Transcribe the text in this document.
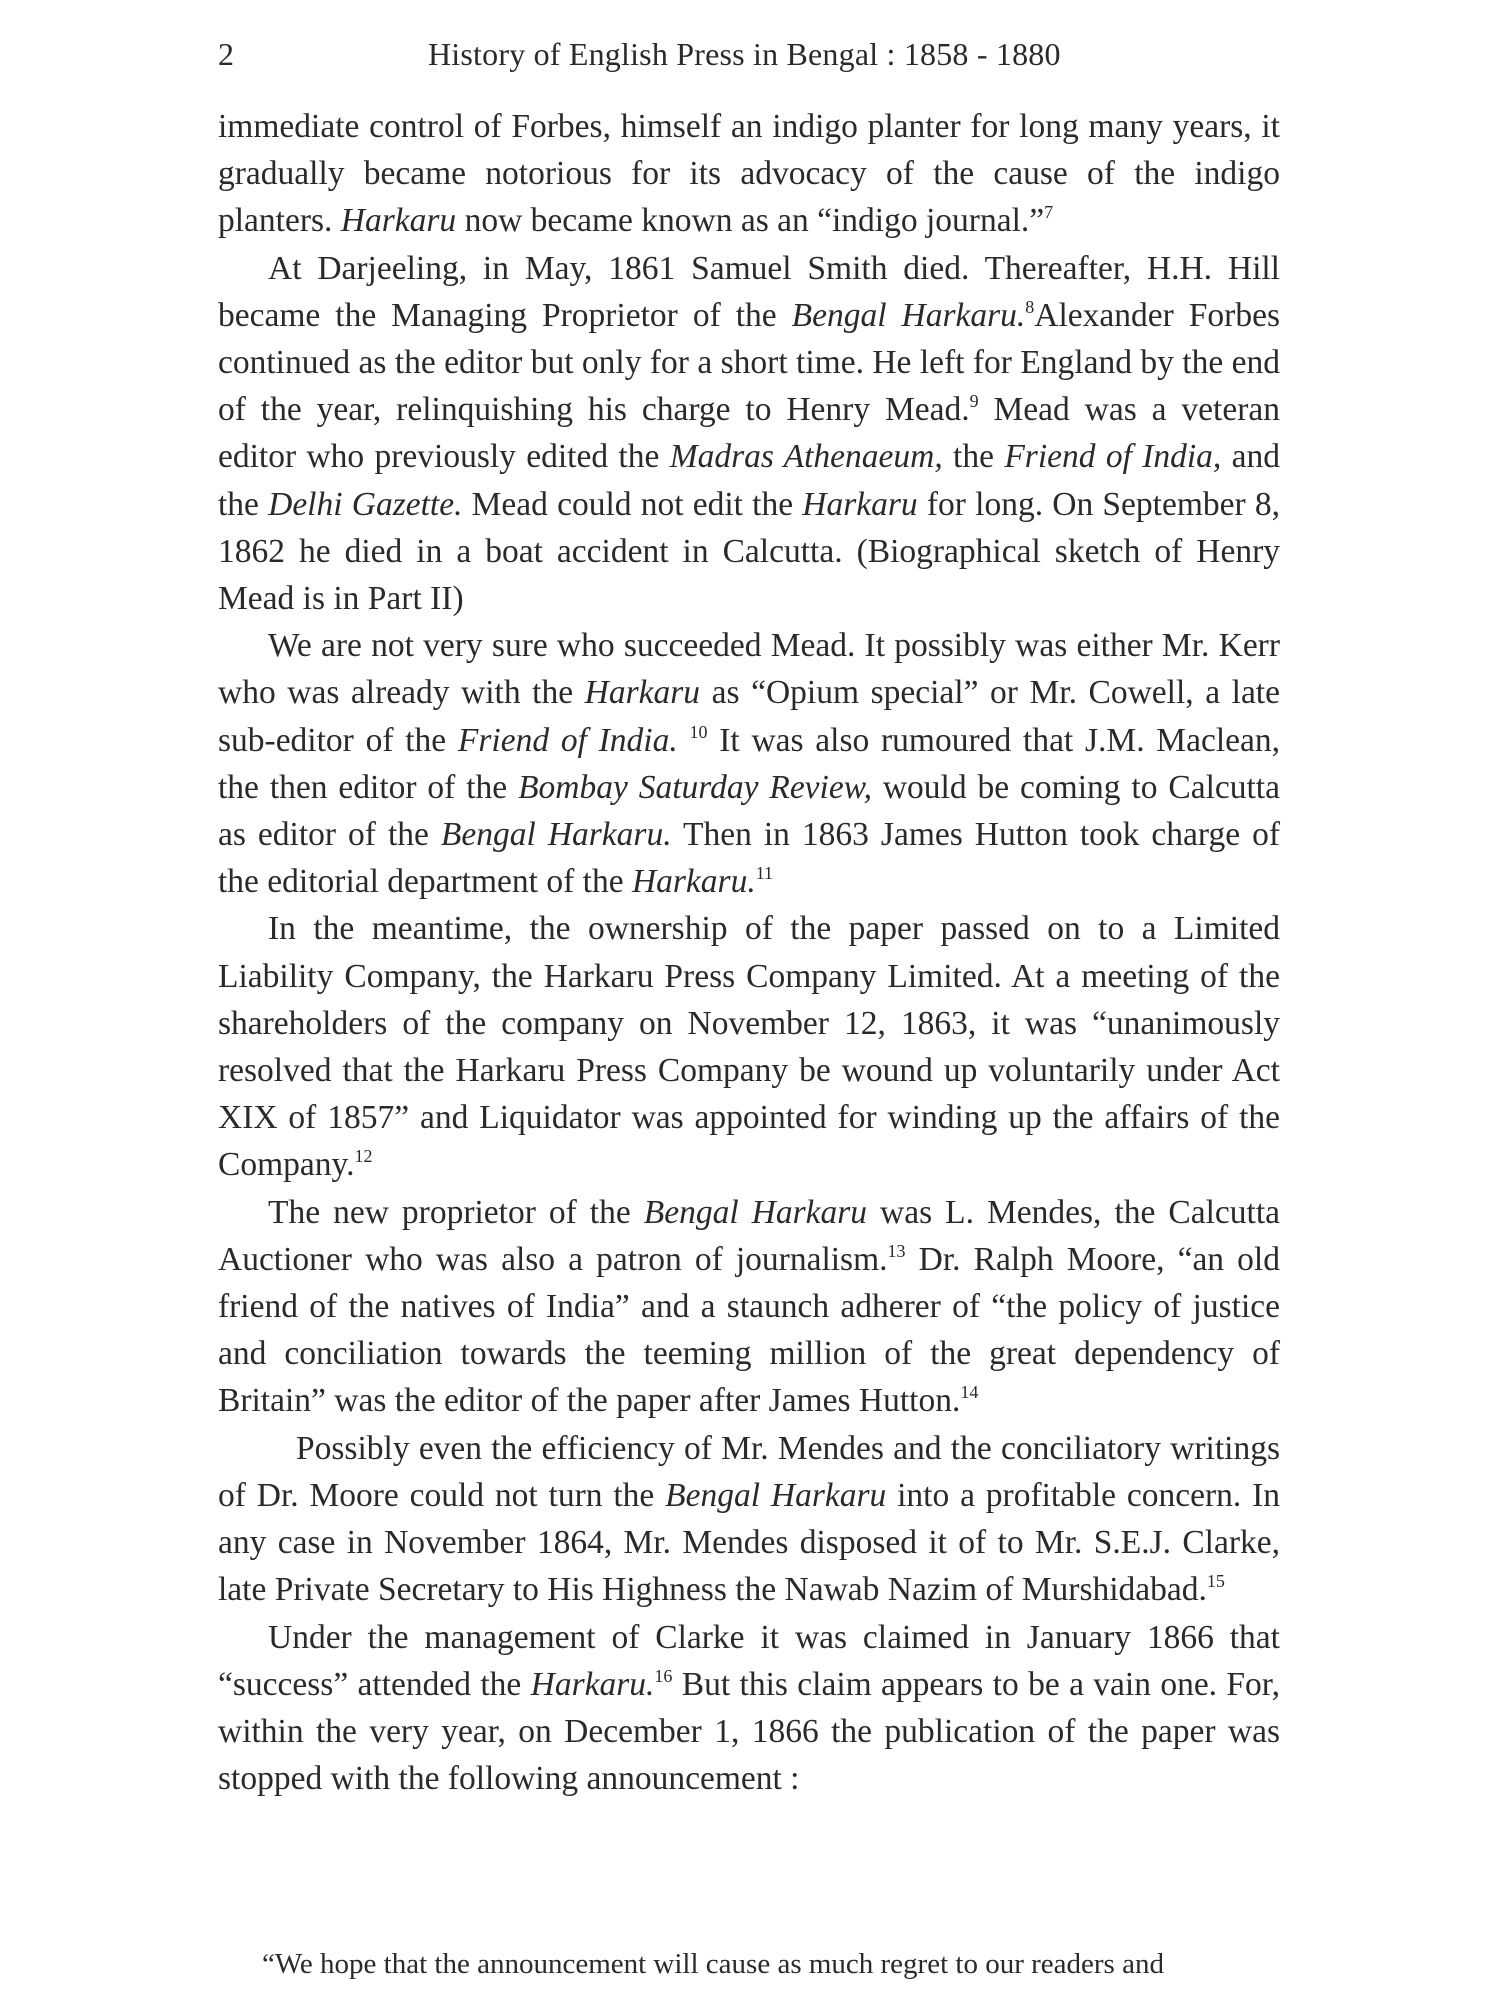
2	History of English Press in Bengal : 1858 - 1880

immediate control of Forbes, himself an indigo planter for long many years, it gradually became notorious for its advocacy of the cause of the indigo planters. Harkaru now became known as an “indigo journal.”$^7$

At Darjeeling, in May, 1861 Samuel Smith died. Thereafter, H.H. Hill became the Managing Proprietor of the Bengal Harkaru.$^8$Alexander Forbes continued as the editor but only for a short time. He left for England by the end of the year, relinquishing his charge to Henry Mead.$^9$ Mead was a veteran editor who previously edited the Madras Athenaeum, the Friend of India, and the Delhi Gazette. Mead could not edit the Harkaru for long. On September 8, 1862 he died in a boat accident in Calcutta. (Biographical sketch of Henry Mead is in Part II)

We are not very sure who succeeded Mead. It possibly was either Mr. Kerr who was already with the Harkaru as “Opium special” or Mr. Cowell, a late sub-editor of the Friend of India. $^{10}$ It was also rumoured that J.M. Maclean, the then editor of the Bombay Saturday Review, would be coming to Calcutta as editor of the Bengal Harkaru. Then in 1863 James Hutton took charge of the editorial department of the Harkaru.$^{11}$

In the meantime, the ownership of the paper passed on to a Limited Liability Company, the Harkaru Press Company Limited. At a meeting of the shareholders of the company on November 12, 1863, it was “unanimously resolved that the Harkaru Press Company be wound up voluntarily under Act XIX of 1857” and Liquidator was appointed for winding up the affairs of the Company.$^{12}$

The new proprietor of the Bengal Harkaru was L. Mendes, the Calcutta Auctioner who was also a patron of journalism.$^{13}$ Dr. Ralph Moore, “an old friend of the natives of India” and a staunch adherer of “the policy of justice and conciliation towards the teeming million of the great dependency of Britain” was the editor of the paper after James Hutton.$^{14}$

Possibly even the efficiency of Mr. Mendes and the conciliatory writings of Dr. Moore could not turn the Bengal Harkaru into a profitable concern. In any case in November 1864, Mr. Mendes disposed it of to Mr. S.E.J. Clarke, late Private Secretary to His Highness the Nawab Nazim of Murshidabad.$^{15}$

Under the management of Clarke it was claimed in January 1866 that “success” attended the Harkaru.$^{16}$ But this claim appears to be a vain one. For, within the very year, on December 1, 1866 the publication of the paper was stopped with the following announcement :

“We hope that the announcement will cause as much regret to our readers and
